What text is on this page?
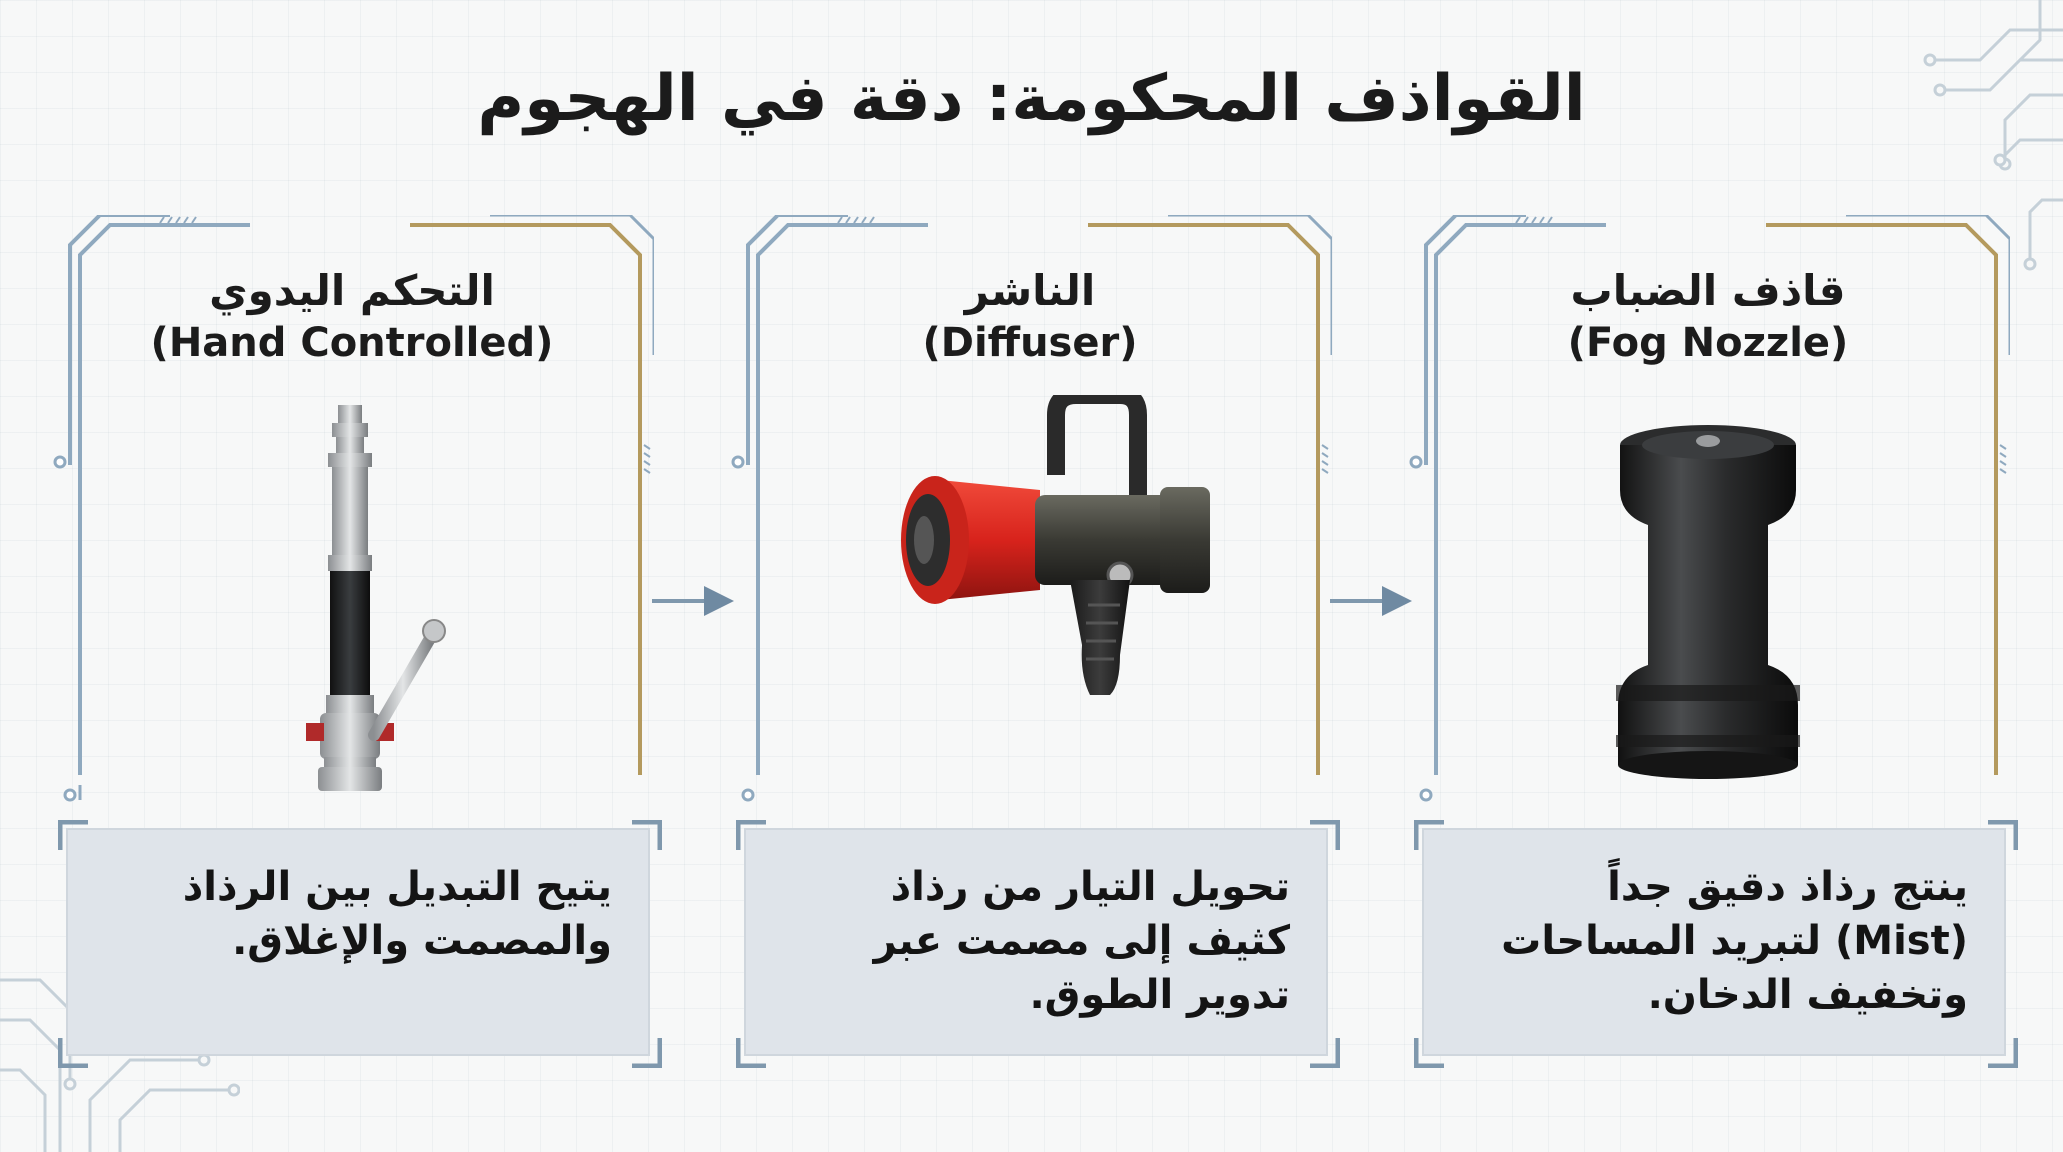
القواذف المحكومة: دقة في الهجوم
التحكم اليدوي
(Hand Controlled)
الناشر
(Diffuser)
قاذف الضباب
(Fog Nozzle)
يتيح التبديل بين الرذاذ والمصمت والإغلاق.
تحويل التيار من رذاذ كثيف إلى مصمت عبر تدوير الطوق.
ينتج رذاذ دقيق جداً (Mist) لتبريد المساحات وتخفيف الدخان.
